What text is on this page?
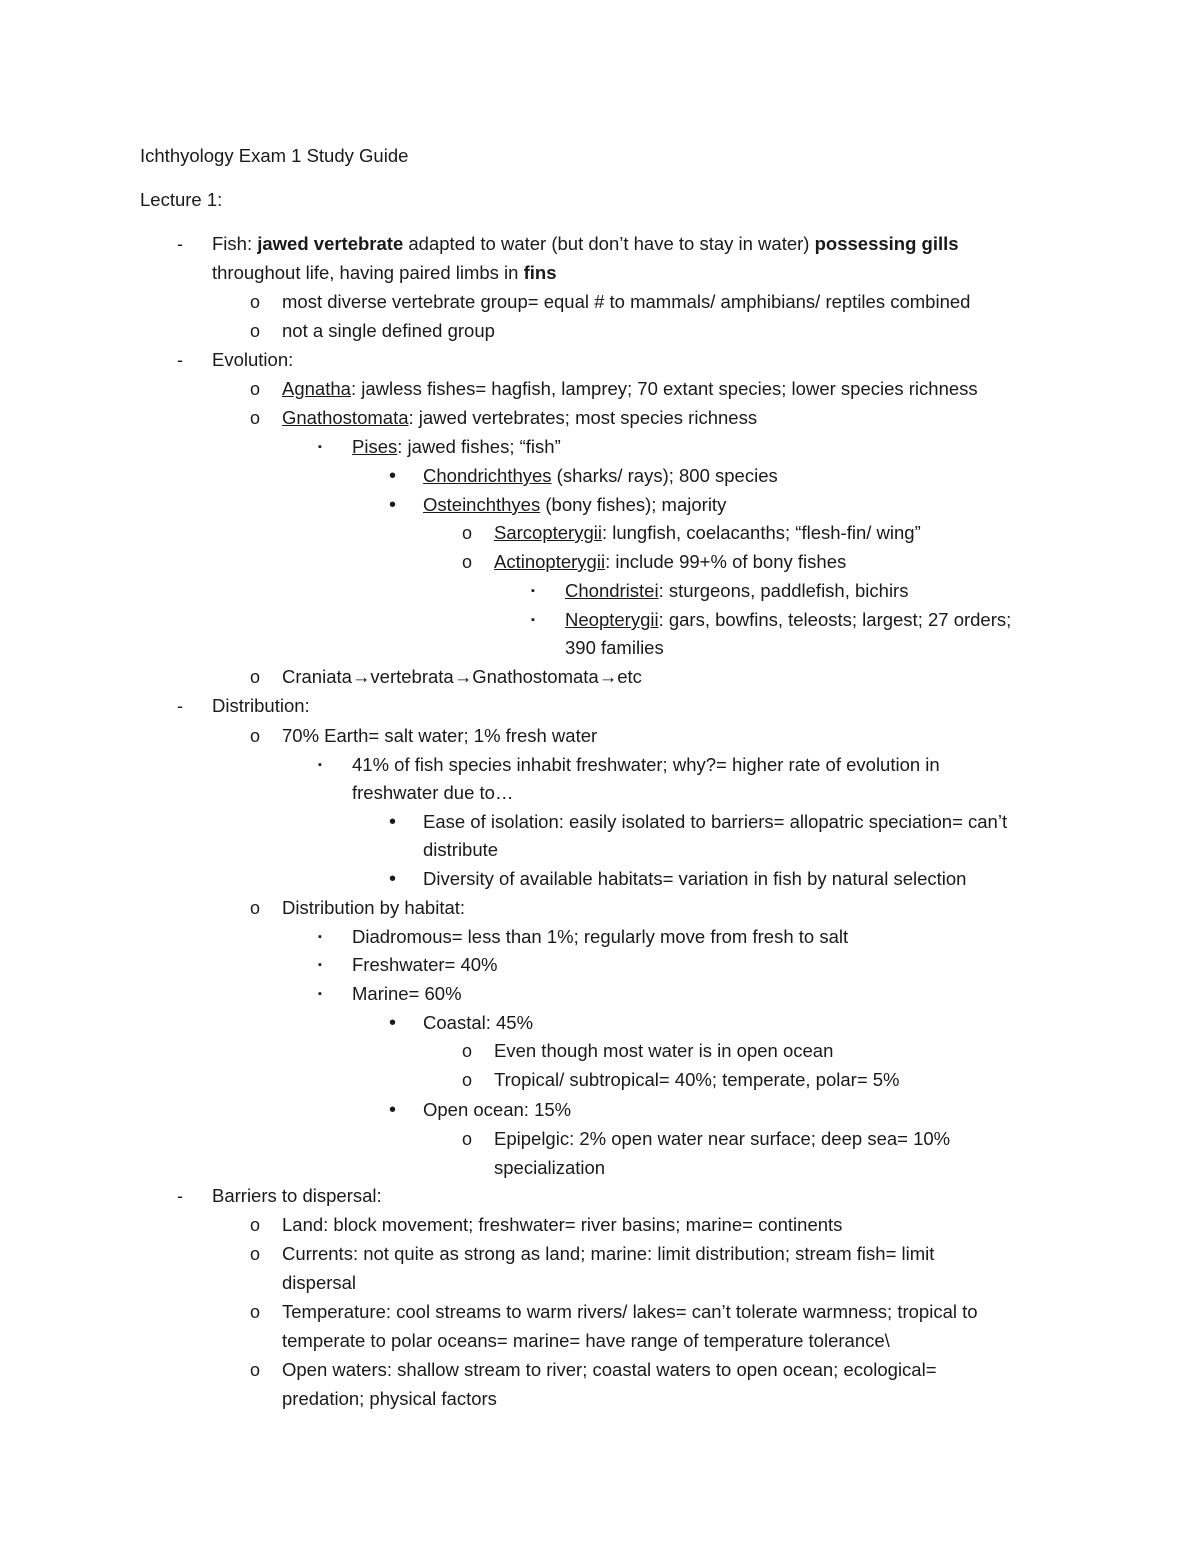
Ichthyology Exam 1 Study Guide
Lecture 1:
- Fish: jawed vertebrate adapted to water (but don’t have to stay in water) possessing gills
throughout life, having paired limbs in fins
o most diverse vertebrate group= equal # to mammals/ amphibians/ reptiles combined
o not a single defined group
- Evolution:
o Agnatha: jawless fishes= hagfish, lamprey; 70 extant species; lower species richness
o Gnathostomata: jawed vertebrates; most species richness
▪ Pises: jawed fishes; “fish”
• Chondrichthyes (sharks/ rays); 800 species
• Osteinchthyes (bony fishes); majority
o Sarcopterygii: lungfish, coelacanths; “flesh-fin/ wing”
o Actinopterygii: include 99+% of bony fishes
▪ Chondristei: sturgeons, paddlefish, bichirs
▪ Neopterygii: gars, bowfins, teleosts; largest; 27 orders;
390 families
o Craniata→vertebrata→Gnathostomata→etc
- Distribution:
o 70% Earth= salt water; 1% fresh water
▪ 41% of fish species inhabit freshwater; why?= higher rate of evolution in
freshwater due to…
• Ease of isolation: easily isolated to barriers= allopatric speciation= can’t
distribute
• Diversity of available habitats= variation in fish by natural selection
o Distribution by habitat:
▪ Diadromous= less than 1%; regularly move from fresh to salt
▪ Freshwater= 40%
▪ Marine= 60%
• Coastal: 45%
o Even though most water is in open ocean
o Tropical/ subtropical= 40%; temperate, polar= 5%
• Open ocean: 15%
o Epipelgic: 2% open water near surface; deep sea= 10%
specialization
- Barriers to dispersal:
o Land: block movement; freshwater= river basins; marine= continents
o Currents: not quite as strong as land; marine: limit distribution; stream fish= limit
dispersal
o Temperature: cool streams to warm rivers/ lakes= can’t tolerate warmness; tropical to
temperate to polar oceans= marine= have range of temperature tolerance\
o Open waters: shallow stream to river; coastal waters to open ocean; ecological=
predation; physical factors
